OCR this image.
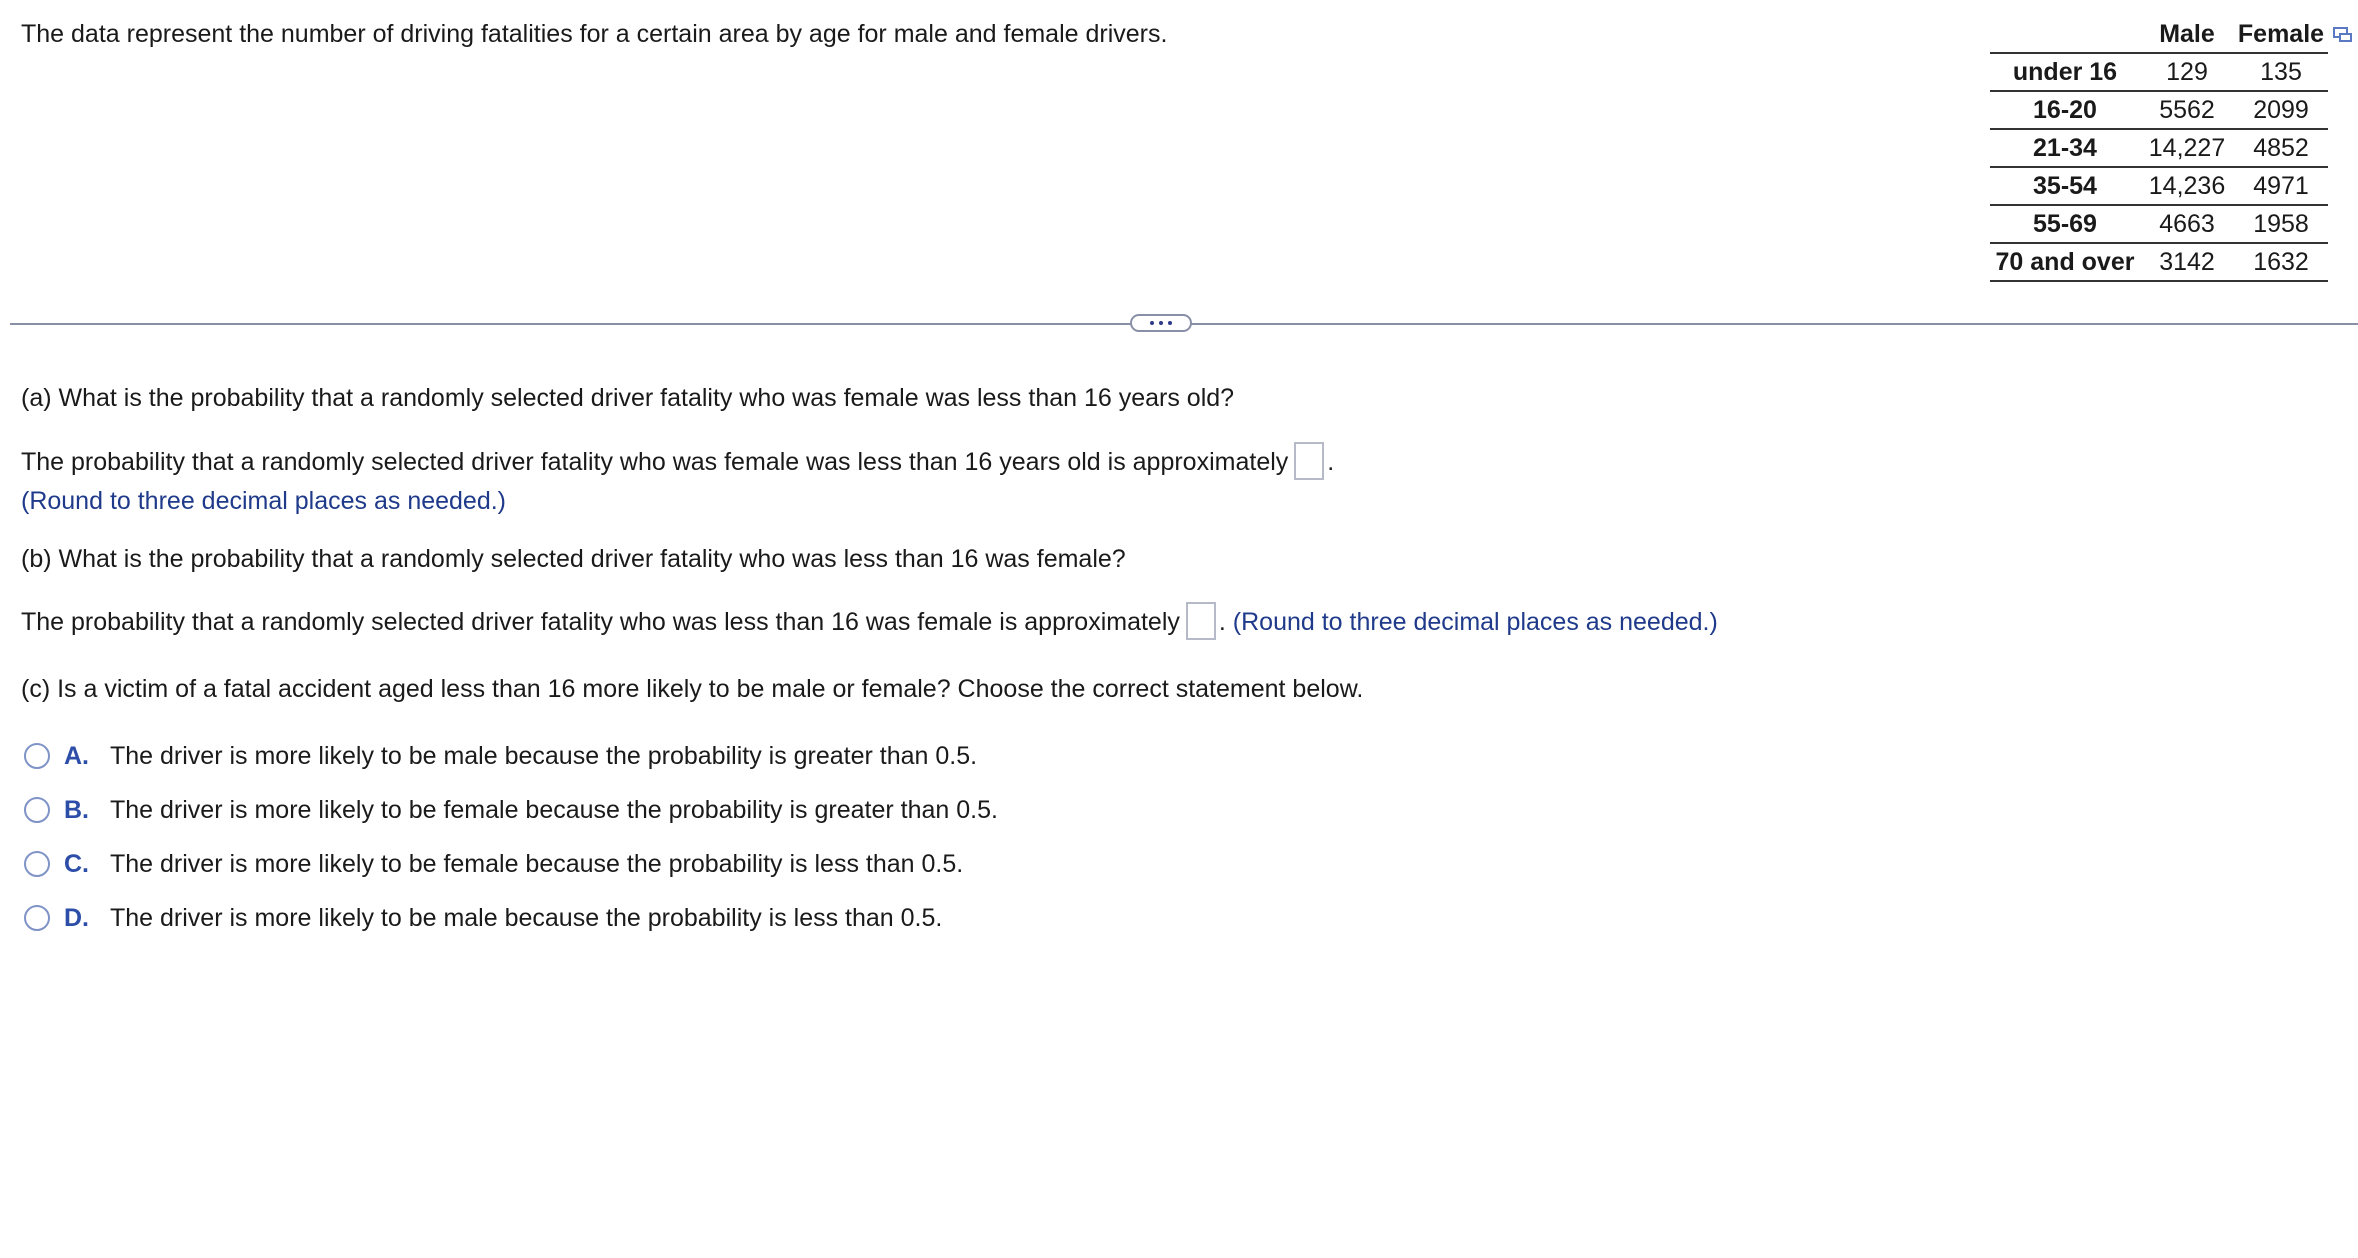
The data represent the number of driving fatalities for a certain area by age for male and female drivers.

		Male	Female
under 16	129	135
16-20	5562	2099
21-34	14,227	4852
35-54	14,236	4971
55-69	4663	1958
70 and over	3142	1632

(a) What is the probability that a randomly selected driver fatality who was female was less than 16 years old?

The probability that a randomly selected driver fatality who was female was less than 16 years old is approximately .

(Round to three decimal places as needed.)

(b) What is the probability that a randomly selected driver fatality who was less than 16 was female?

The probability that a randomly selected driver fatality who was less than 16 was female is approximately . (Round to three decimal places as needed.)

(c) Is a victim of a fatal accident aged less than 16 more likely to be male or female? Choose the correct statement below.

A. The driver is more likely to be male because the probability is greater than 0.5.
B. The driver is more likely to be female because the probability is greater than 0.5.
C. The driver is more likely to be female because the probability is less than 0.5.
D. The driver is more likely to be male because the probability is less than 0.5.
